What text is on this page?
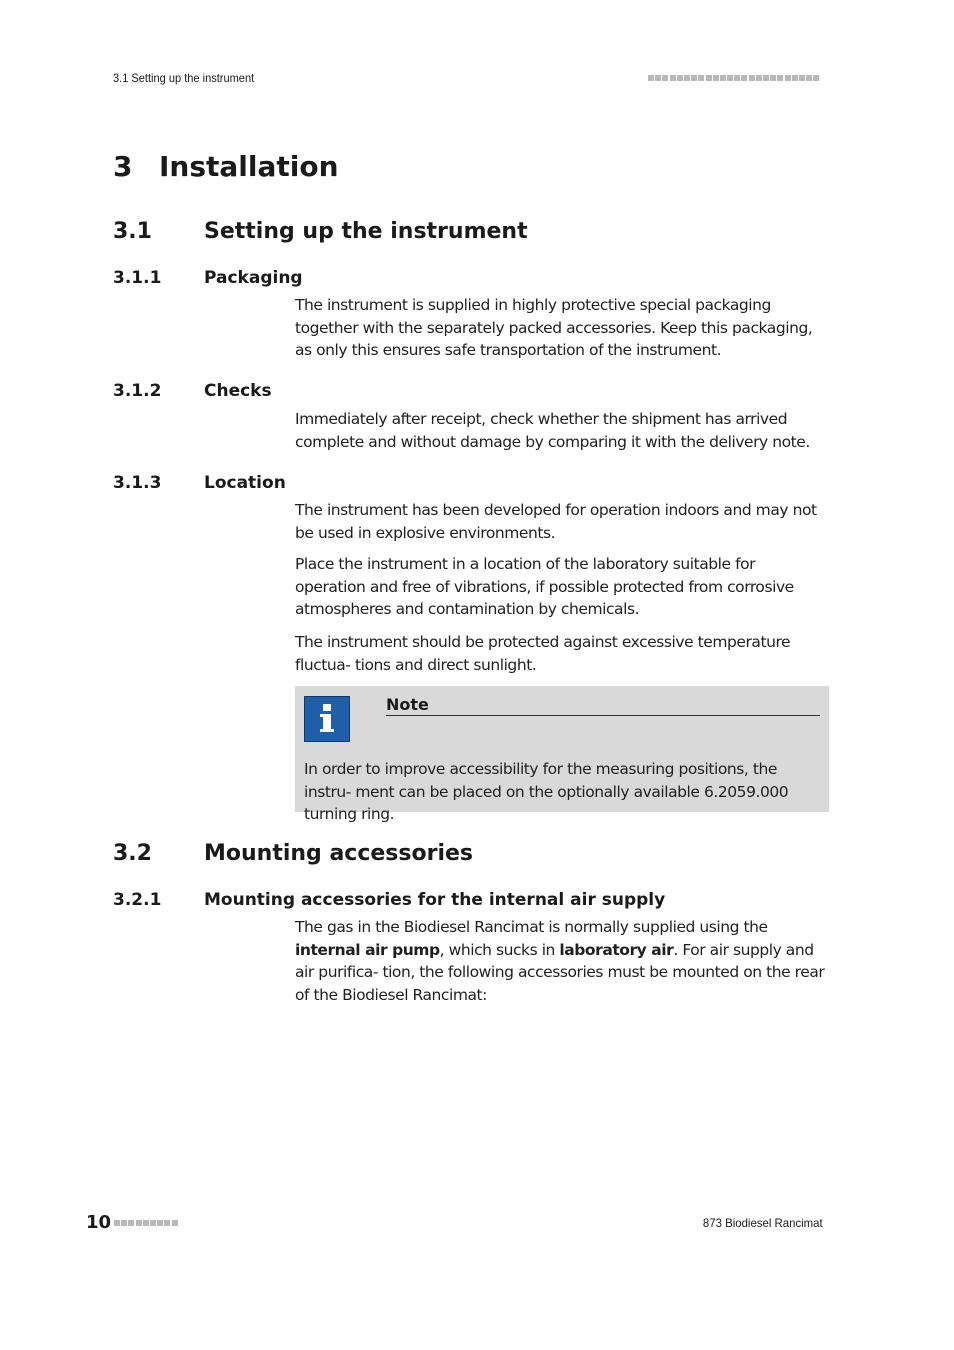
3.1 Setting up the instrument
3 Installation
3.1 Setting up the instrument
3.1.1	Packaging
The instrument is supplied in highly protective special packaging together with the separately packed accessories. Keep this packaging, as only this ensures safe transportation of the instrument.
3.1.2	Checks
Immediately after receipt, check whether the shipment has arrived complete and without damage by comparing it with the delivery note.
3.1.3	Location
The instrument has been developed for operation indoors and may not be used in explosive environments.
Place the instrument in a location of the laboratory suitable for operation and free of vibrations, if possible protected from corrosive atmospheres and contamination by chemicals.
The instrument should be protected against excessive temperature fluctua- tions and direct sunlight.
Note
In order to improve accessibility for the measuring positions, the instru- ment can be placed on the optionally available 6.2059.000 turning ring.
3.2 Mounting accessories
3.2.1	Mounting accessories for the internal air supply
The gas in the Biodiesel Rancimat is normally supplied using the internal air pump, which sucks in laboratory air. For air supply and air purifica- tion, the following accessories must be mounted on the rear of the Biodiesel Rancimat:
10	873 Biodiesel Rancimat
